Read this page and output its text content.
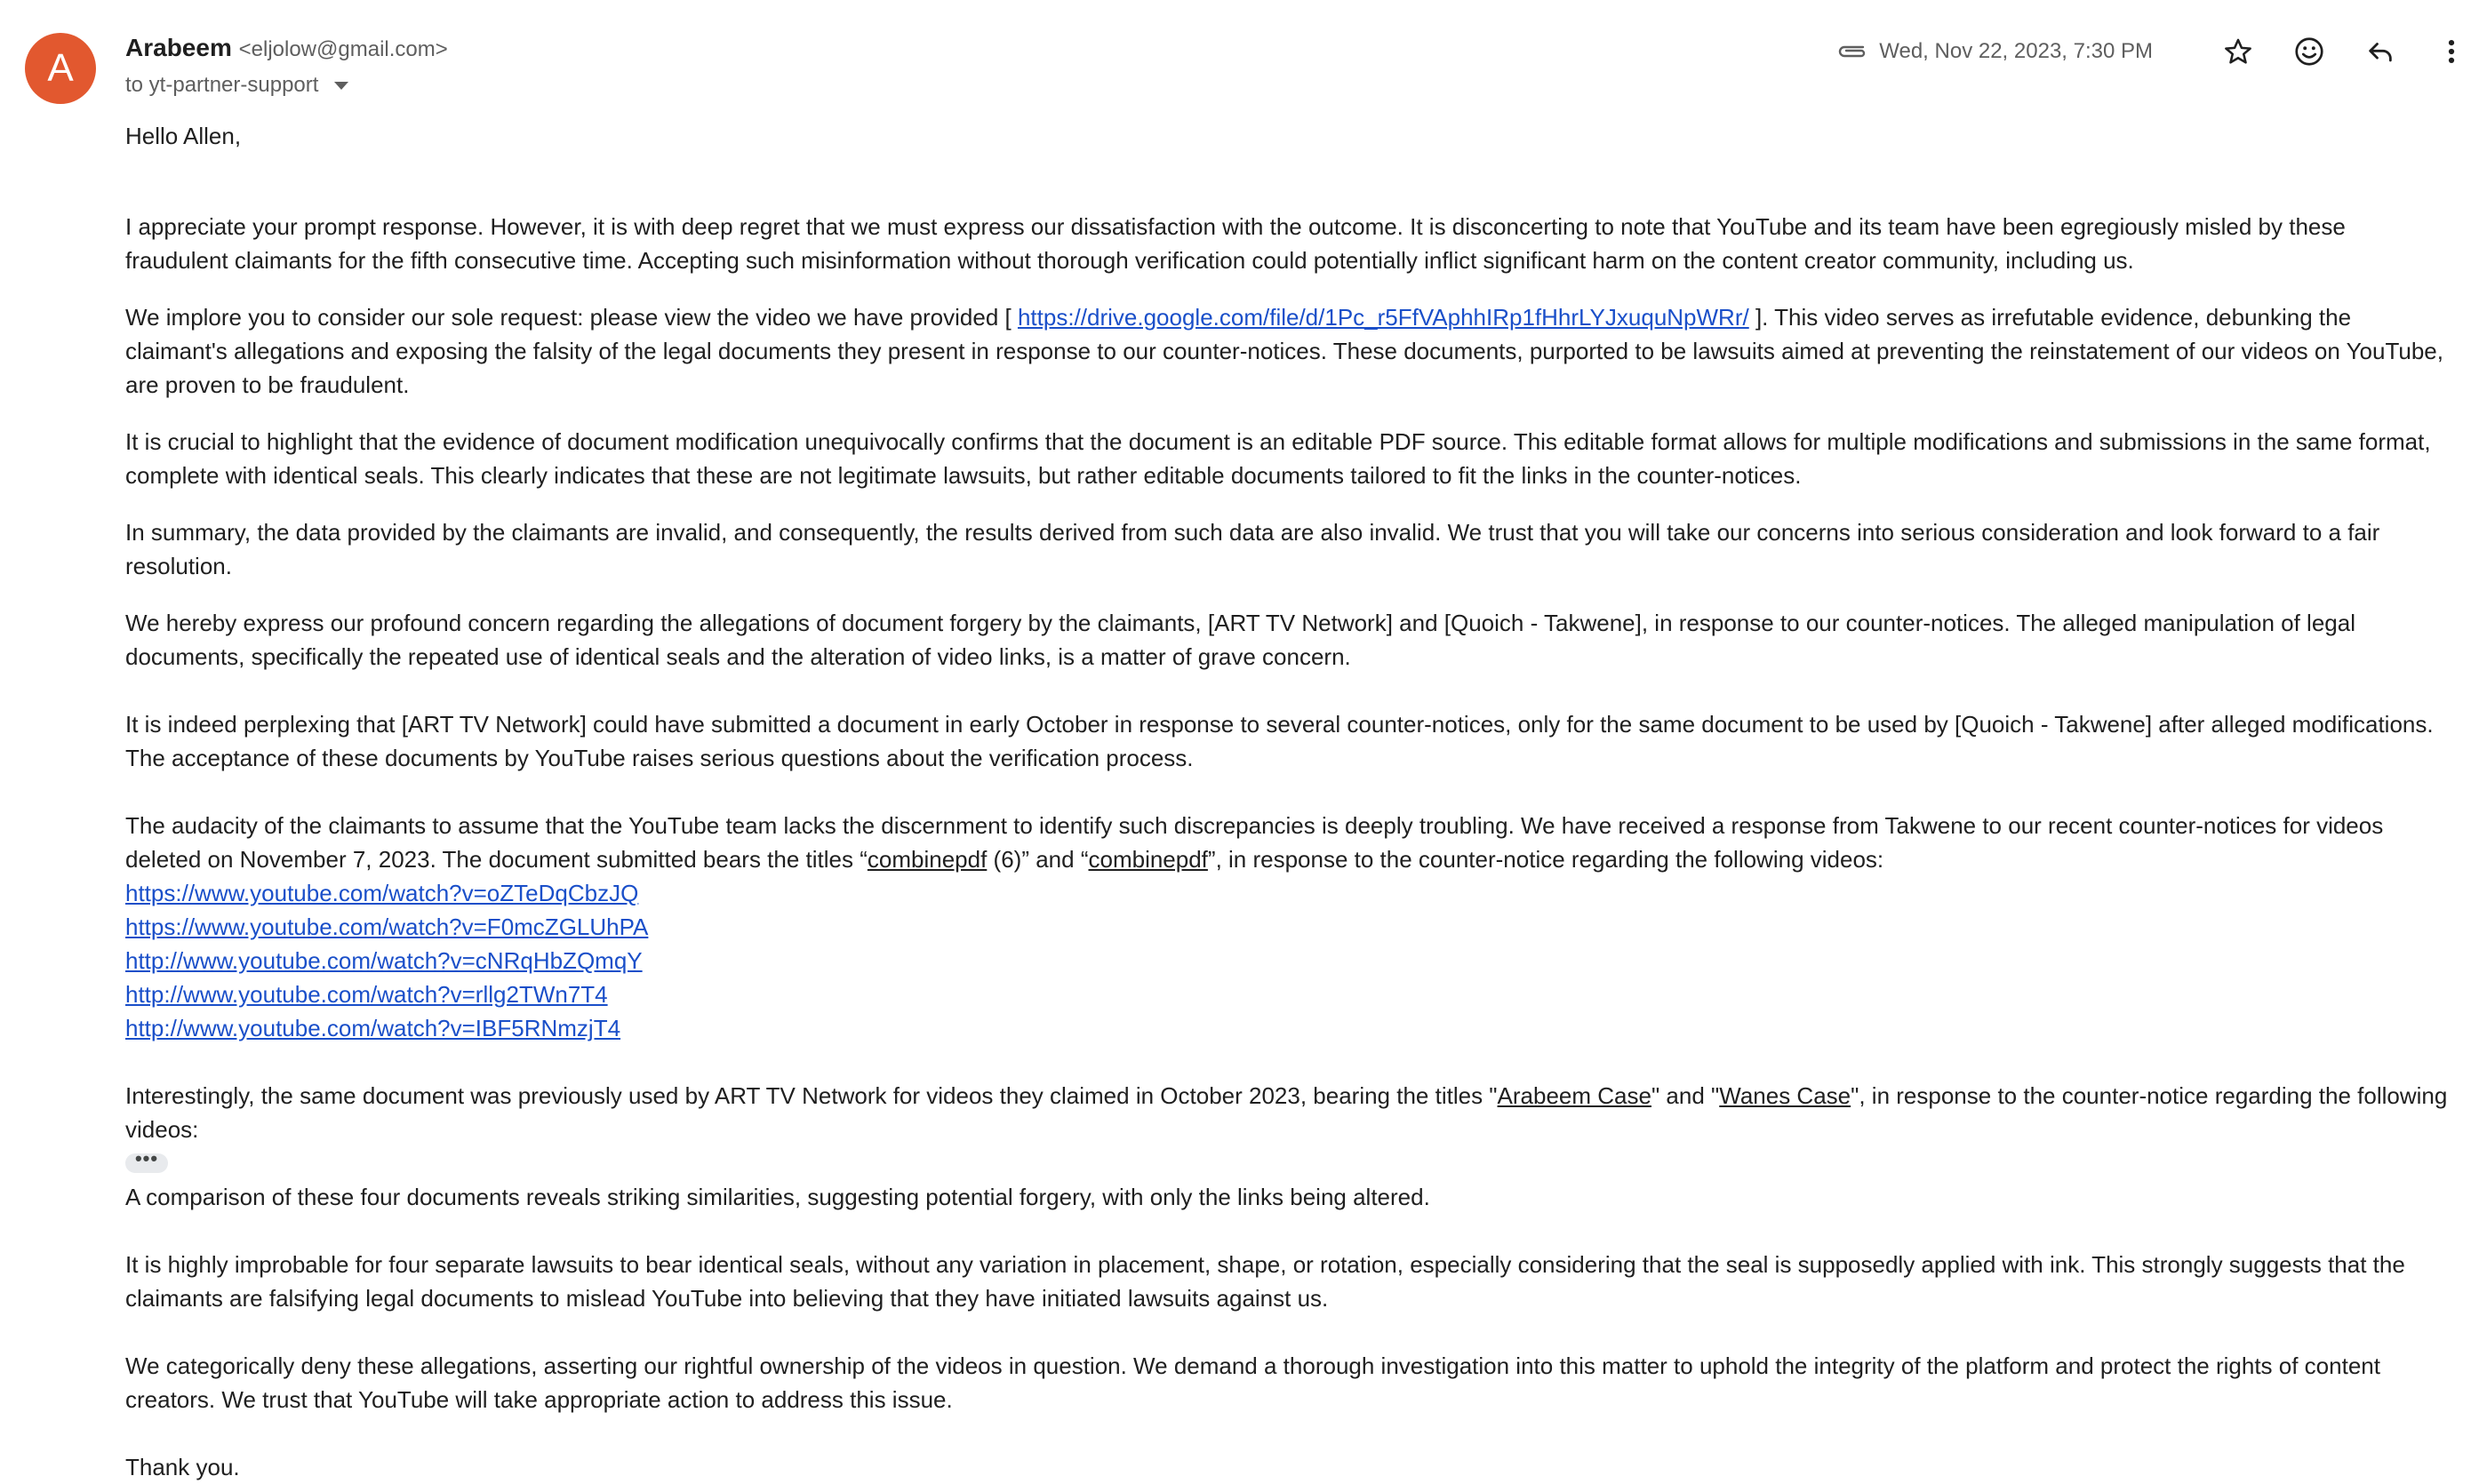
A	Arabeem <eljolow@gmail.com>
to yt-partner-support
Wed, Nov 22, 2023, 7:30 PM

Hello Allen,

I appreciate your prompt response. However, it is with deep regret that we must express our dissatisfaction with the outcome. It is disconcerting to note that YouTube and its team have been egregiously misled by these fraudulent claimants for the fifth consecutive time. Accepting such misinformation without thorough verification could potentially inflict significant harm on the content creator community, including us.

We implore you to consider our sole request: please view the video we have provided [ https://drive.google.com/file/d/1Pc_r5FfVAphhIRp1fHhrLYJxuquNpWRr/ ]. This video serves as irrefutable evidence, debunking the claimant's allegations and exposing the falsity of the legal documents they present in response to our counter-notices. These documents, purported to be lawsuits aimed at preventing the reinstatement of our videos on YouTube, are proven to be fraudulent.

It is crucial to highlight that the evidence of document modification unequivocally confirms that the document is an editable PDF source. This editable format allows for multiple modifications and submissions in the same format, complete with identical seals. This clearly indicates that these are not legitimate lawsuits, but rather editable documents tailored to fit the links in the counter-notices.

In summary, the data provided by the claimants are invalid, and consequently, the results derived from such data are also invalid. We trust that you will take our concerns into serious consideration and look forward to a fair resolution.

We hereby express our profound concern regarding the allegations of document forgery by the claimants, [ART TV Network] and [Quoich - Takwene], in response to our counter-notices. The alleged manipulation of legal documents, specifically the repeated use of identical seals and the alteration of video links, is a matter of grave concern.

It is indeed perplexing that [ART TV Network] could have submitted a document in early October in response to several counter-notices, only for the same document to be used by [Quoich - Takwene] after alleged modifications. The acceptance of these documents by YouTube raises serious questions about the verification process.

The audacity of the claimants to assume that the YouTube team lacks the discernment to identify such discrepancies is deeply troubling. We have received a response from Takwene to our recent counter-notices for videos deleted on November 7, 2023. The document submitted bears the titles “combinepdf (6)” and “combinepdf”, in response to the counter-notice regarding the following videos:

https://www.youtube.com/watch?v=oZTeDqCbzJQ
https://www.youtube.com/watch?v=F0mcZGLUhPA
http://www.youtube.com/watch?v=cNRqHbZQmqY
http://www.youtube.com/watch?v=rllg2TWn7T4
http://www.youtube.com/watch?v=IBF5RNmzjT4

Interestingly, the same document was previously used by ART TV Network for videos they claimed in October 2023, bearing the titles "Arabeem Case" and "Wanes Case", in response to the counter-notice regarding the following videos:

•••

A comparison of these four documents reveals striking similarities, suggesting potential forgery, with only the links being altered.

It is highly improbable for four separate lawsuits to bear identical seals, without any variation in placement, shape, or rotation, especially considering that the seal is supposedly applied with ink. This strongly suggests that the claimants are falsifying legal documents to mislead YouTube into believing that they have initiated lawsuits against us.

We categorically deny these allegations, asserting our rightful ownership of the videos in question. We demand a thorough investigation into this matter to uphold the integrity of the platform and protect the rights of content creators. We trust that YouTube will take appropriate action to address this issue.

Thank you.
